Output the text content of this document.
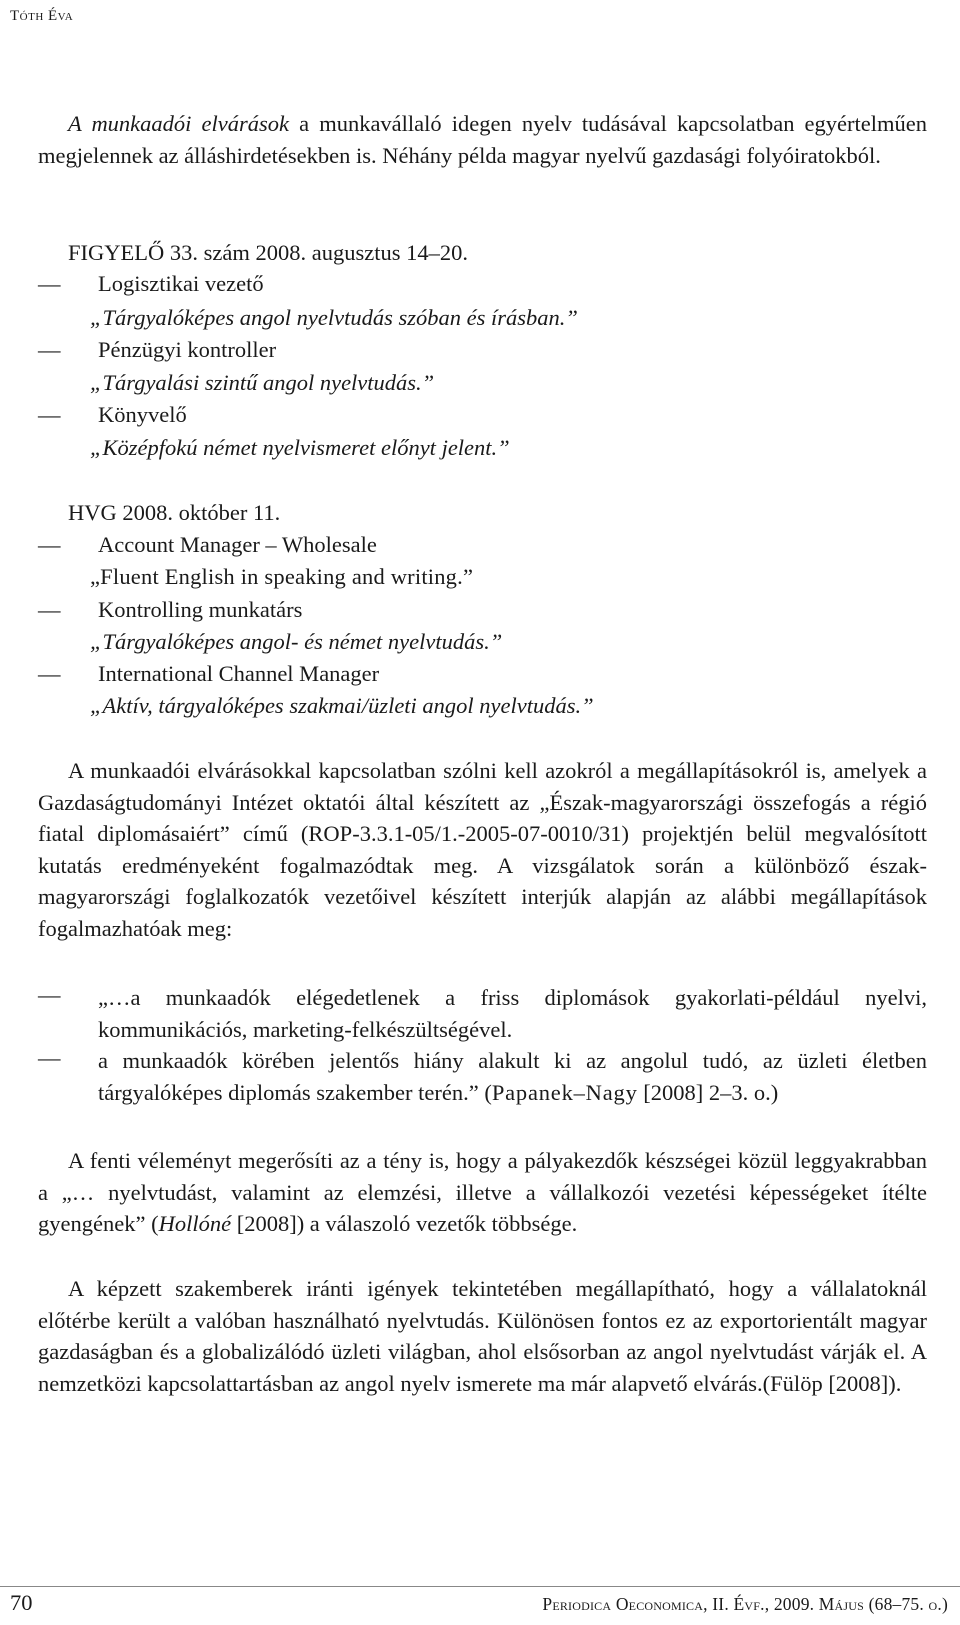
Tóth Éva

A munkaadói elvárások a munkavállaló idegen nyelv tudásával kapcsolatban egyértelműen megjelennek az álláshirdetésekben is. Néhány példa magyar nyelvű gazdasági folyóiratokból.

FIGYELŐ 33. szám 2008. augusztus 14–20.
— Logisztikai vezető
„Tárgyalóképes angol nyelvtudás szóban és írásban.”
— Pénzügyi kontroller
„Tárgyalási szintű angol nyelvtudás.”
— Könyvelő
„Középfokú német nyelvismeret előnyt jelent.”
HVG 2008. október 11.
— Account Manager – Wholesale
„Fluent English in speaking and writing.”
— Kontrolling munkatárs
„Tárgyalóképes angol- és német nyelvtudás.”
— International Channel Manager
„Aktív, tárgyalóképes szakmai/üzleti angol nyelvtudás.”

A munkaadói elvárásokkal kapcsolatban szólni kell azokról a megállapításokról is, amelyek a Gazdaságtudományi Intézet oktatói által készített az „Észak-magyarországi összefogás a régió fiatal diplomásaiért” című (ROP-3.3.1-05/1.-2005-07-0010/31) projektjén belül megvalósított kutatás eredményeként fogalmazódtak meg. A vizsgálatok során a különböző észak-magyarországi foglalkozatók vezetőivel készített interjúk alapján az alábbi megállapítások fogalmazhatóak meg:

— „…a munkaadók elégedetlenek a friss diplomások gyakorlati-például nyelvi, kommunikációs, marketing-felkészültségével.

— a munkaadók körében jelentős hiány alakult ki az angolul tudó, az üzleti életben tárgyalóképes diplomás szakember terén.” (Papanek–Nagy [2008] 2–3. o.)

A fenti véleményt megerősíti az a tény is, hogy a pályakezdők készségei közül leggyakrabban a „… nyelvtudást, valamint az elemzési, illetve a vállalkozói vezetési képességeket ítélte gyengének” (Hollóné [2008]) a válaszoló vezetők többsége.

A képzett szakemberek iránti igények tekintetében megállapítható, hogy a vállalatoknál előtérbe került a valóban használható nyelvtudás. Különösen fontos ez az exportorientált magyar gazdaságban és a globalizálódó üzleti világban, ahol elsősorban az angol nyelvtudást várják el. A nemzetközi kapcsolattartásban az angol nyelv ismerete ma már alapvető elvárás.(Fülöp [2008]).

70	Periodica Oeconomica, II. Évf., 2009. Május (68–75. o.)
